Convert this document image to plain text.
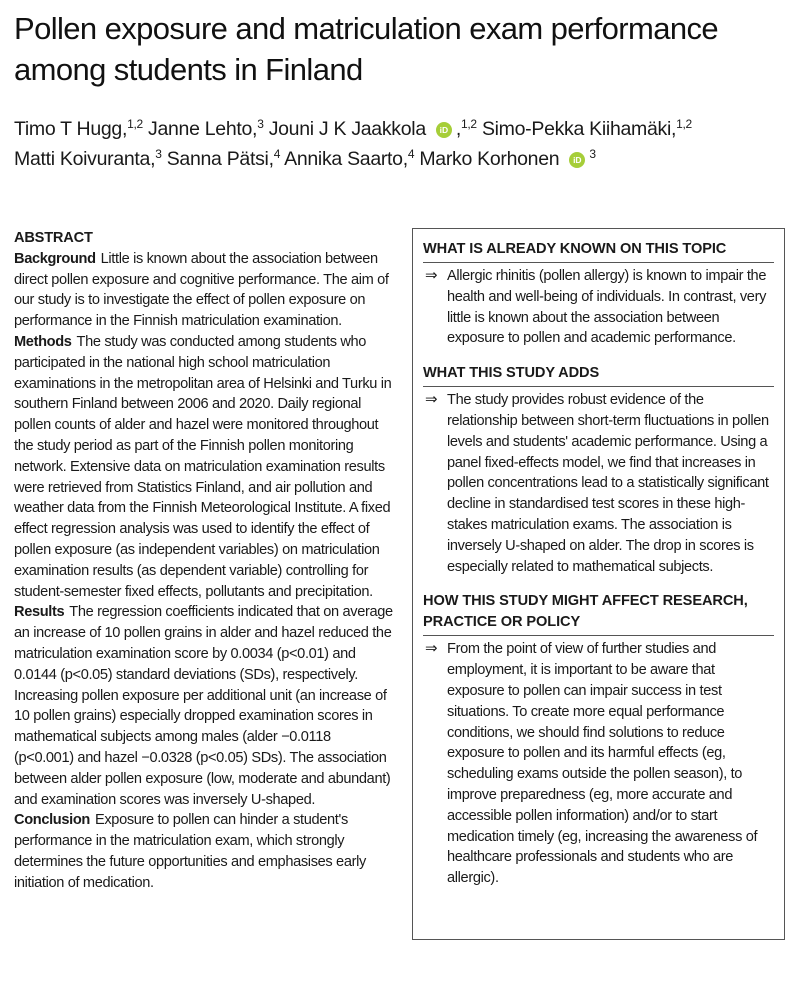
Pollen exposure and matriculation exam performance among students in Finland
Timo T Hugg,$^{1,2}$ Janne Lehto,$^3$ Jouni J K Jaakkola iD ,$^{1,2}$ Simo-Pekka Kiihamäki,$^{1,2}$
Matti Koivuranta,$^3$ Sanna Pätsi,$^4$ Annika Saarto,$^4$ Marko Korhonen iD $^3$
ABSTRACT

Background Little is known about the association between direct pollen exposure and cognitive performance. The aim of our study is to investigate the effect of pollen exposure on performance in the Finnish matriculation examination.

Methods The study was conducted among students who participated in the national high school matriculation examinations in the metropolitan area of Helsinki and Turku in southern Finland between 2006 and 2020. Daily regional pollen counts of alder and hazel were monitored throughout the study period as part of the Finnish pollen monitoring network. Extensive data on matriculation examination results were retrieved from Statistics Finland, and air pollution and weather data from the Finnish Meteorological Institute. A fixed effect regression analysis was used to identify the effect of pollen exposure (as independent variables) on matriculation examination results (as dependent variable) controlling for student-semester fixed effects, pollutants and precipitation.

Results The regression coefficients indicated that on average an increase of 10 pollen grains in alder and hazel reduced the matriculation examination score by 0.0034 (p<0.01) and 0.0144 (p<0.05) standard deviations (SDs), respectively. Increasing pollen exposure per additional unit (an increase of 10 pollen grains) especially dropped examination scores in mathematical subjects among males (alder −0.0118 (p<0.001) and hazel −0.0328 (p<0.05) SDs). The association between alder pollen exposure (low, moderate and abundant) and examination scores was inversely U-shaped.

Conclusion Exposure to pollen can hinder a student's performance in the matriculation exam, which strongly determines the future opportunities and emphasises early initiation of medication.

WHAT IS ALREADY KNOWN ON THIS TOPIC
⇒ Allergic rhinitis (pollen allergy) is known to impair the health and well-being of individuals. In contrast, very little is known about the association between exposure to pollen and academic performance.
WHAT THIS STUDY ADDS
⇒ The study provides robust evidence of the relationship between short-term fluctuations in pollen levels and students' academic performance. Using a panel fixed-effects model, we find that increases in pollen concentrations lead to a statistically significant decline in standardised test scores in these high-stakes matriculation exams. The association is inversely U-shaped on alder. The drop in scores is especially related to mathematical subjects.
HOW THIS STUDY MIGHT AFFECT RESEARCH, PRACTICE OR POLICY
⇒ From the point of view of further studies and employment, it is important to be aware that exposure to pollen can impair success in test situations. To create more equal performance conditions, we should find solutions to reduce exposure to pollen and its harmful effects (eg, scheduling exams outside the pollen season), to improve preparedness (eg, more accurate and accessible pollen information) and/or to start medication timely (eg, increasing the awareness of healthcare professionals and students who are allergic).
